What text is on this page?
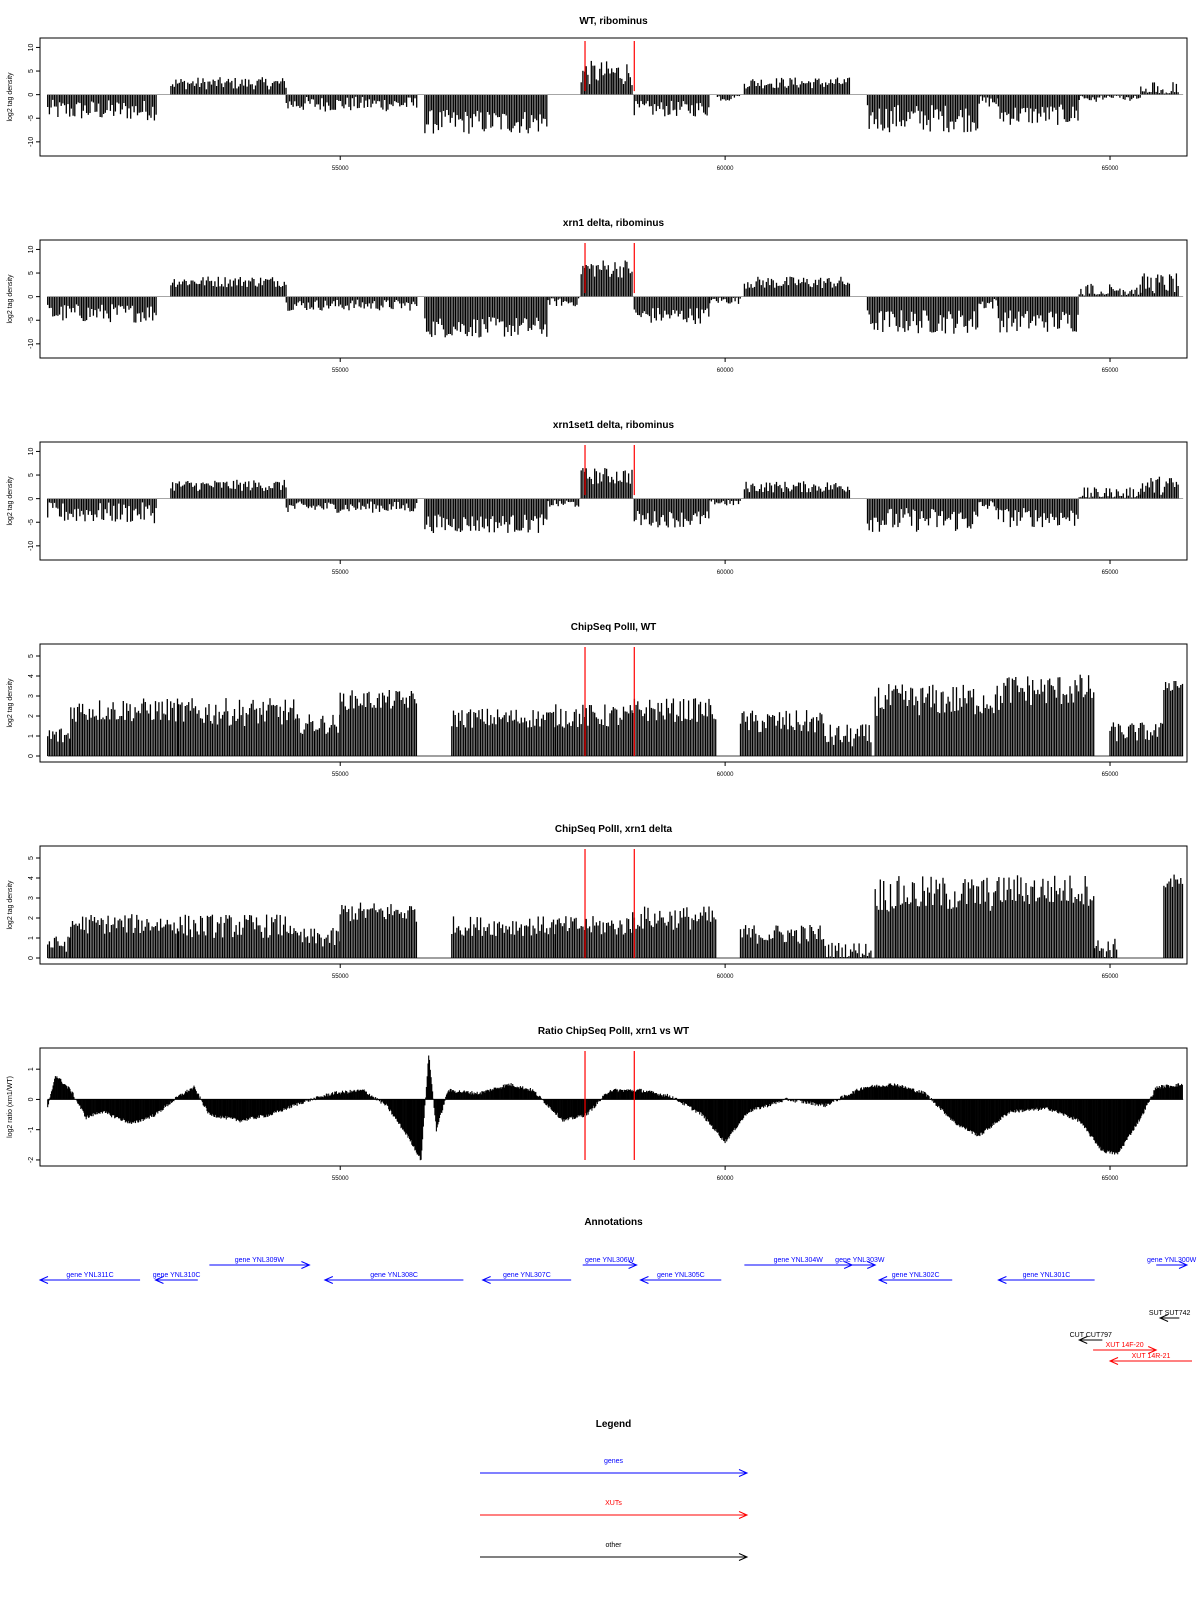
WT, ribominus
log2 tag density
-10
-5
0
5
10
55000	60000	65000
xrn1 delta, ribominus
log2 tag density
-10
-5
0
5
10
55000	60000	65000
xrn1set1 delta, ribominus
log2 tag density
-10
-5
0
5
10
55000	60000	65000
ChipSeq PolII, WT
log2 tag density
0
1
2
3
4
5
55000	60000	65000
ChipSeq PolII, xrn1 delta
log2 tag density
0
1
2
3
4
5
55000	60000	65000
Ratio ChipSeq PolII, xrn1 vs WT
log2 ratio (xrn1/WT)
-2
-1
0
1
55000	60000	65000
Annotations
gene YNL311C	gene YNL310C
gene YNL309W
gene YNL308C	gene YNL307C
gene YNL306W
gene YNL305C
gene YNL304W gene YNL303W
gene YNL302C	gene YNL301C
gene YNL300W
SUT SUT742
CUT CUT797
XUT 14F-20
XUT 14R-21
Legend
genes
XUTs
other
